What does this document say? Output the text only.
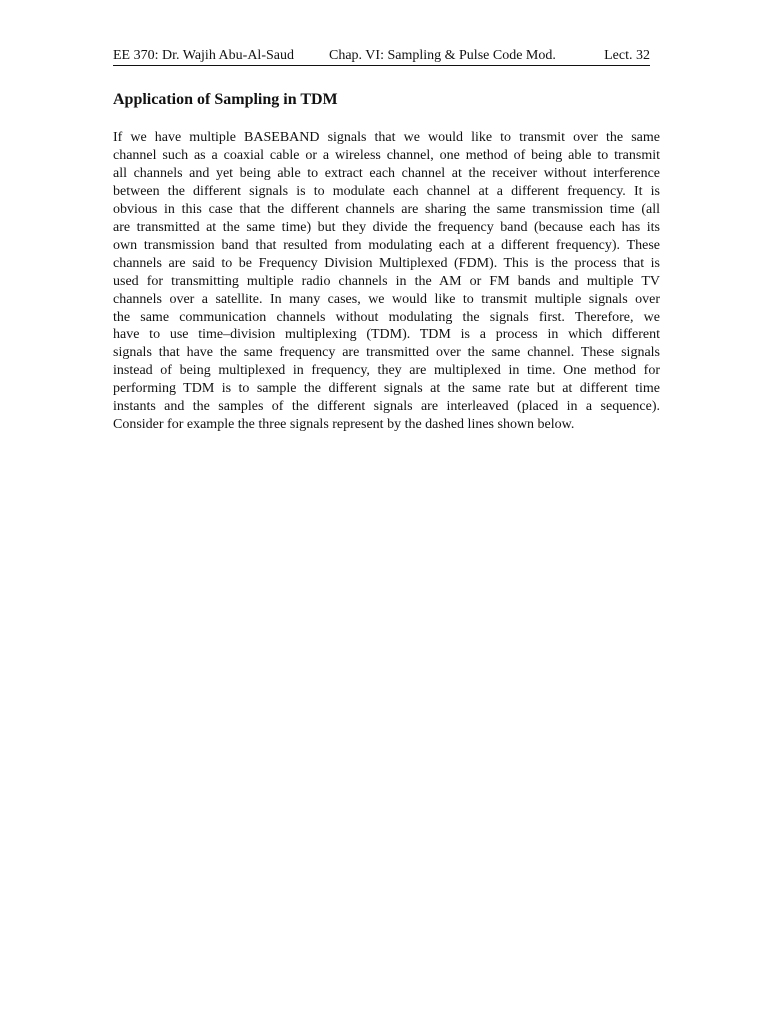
EE 370: Dr. Wajih Abu-Al-Saud	Chap. VI: Sampling & Pulse Code Mod.	Lect. 32
Application of Sampling in TDM

If we have multiple BASEBAND signals that we would like to transmit over the same
channel such as a coaxial cable or a wireless channel, one method of being able to transmit
all channels and yet being able to extract each channel at the receiver without interference
between the different signals is to modulate each channel at a different frequency. It is
obvious in this case that the different channels are sharing the same transmission time (all
are transmitted at the same time) but they divide the frequency band (because each has its
own transmission band that resulted from modulating each at a different frequency). These
channels are said to be Frequency Division Multiplexed (FDM). This is the process that is
used for transmitting multiple radio channels in the AM or FM bands and multiple TV
channels over a satellite. In many cases, we would like to transmit multiple signals over
the same communication channels without modulating the signals first. Therefore, we
have to use time–division multiplexing (TDM). TDM is a process in which different
signals that have the same frequency are transmitted over the same channel. These signals
instead of being multiplexed in frequency, they are multiplexed in time. One method for
performing TDM is to sample the different signals at the same rate but at different time
instants and the samples of the different signals are interleaved (placed in a sequence).
Consider for example the three signals represent by the dashed lines shown below.
